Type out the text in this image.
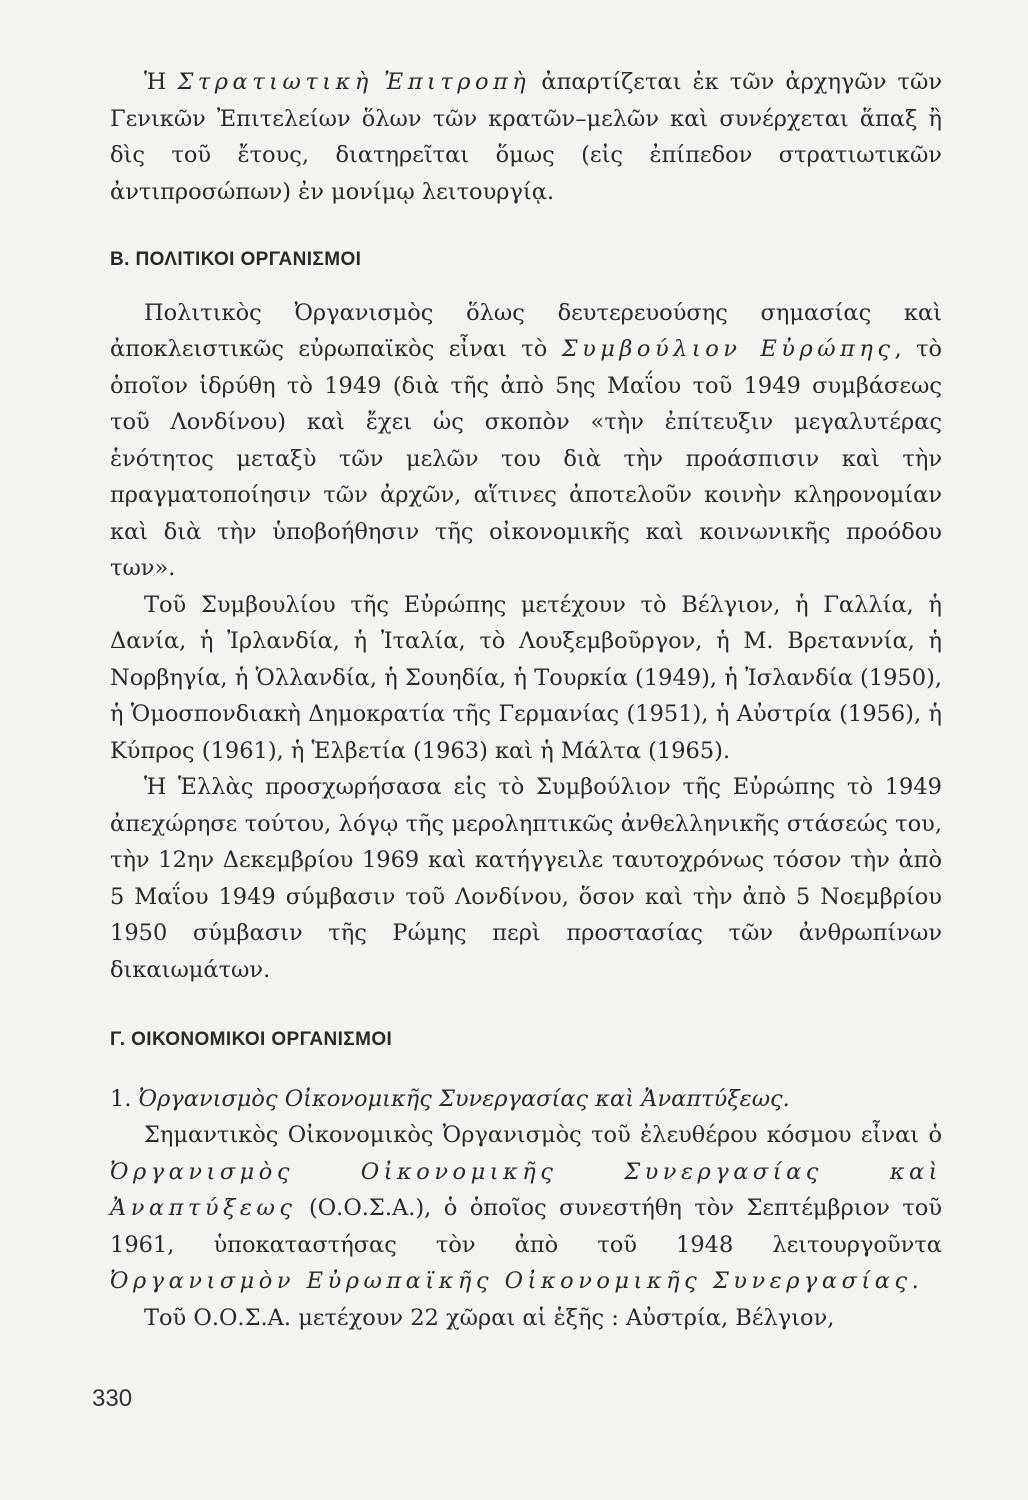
Ἡ Στρατιωτικὴ Ἐπιτροπὴ ἀπαρτίζεται ἐκ τῶν ἀρχηγῶν τῶν Γενικῶν Ἐπιτελείων ὅλων τῶν κρατῶν–μελῶν καὶ συνέρχεται ἅπαξ ἢ δὶς τοῦ ἔτους, διατηρεῖται ὅμως (εἰς ἐπίπεδον στρατιωτικῶν ἀντιπροσώπων) ἐν μονίμῳ λειτουργίᾳ.

Β. ΠΟΛΙΤΙΚΟΙ ΟΡΓΑΝΙΣΜΟΙ

Πολιτικὸς Ὀργανισμὸς ὅλως δευτερευούσης σημασίας καὶ ἀποκλειστικῶς εὐρωπαϊκὸς εἶναι τὸ Συμβούλιον Εὐρώπης, τὸ ὁποῖον ἱδρύθη τὸ 1949 (διὰ τῆς ἀπὸ 5ης Μαΐου τοῦ 1949 συμβάσεως τοῦ Λονδίνου) καὶ ἔχει ὡς σκοπὸν «τὴν ἐπίτευξιν μεγαλυτέρας ἑνότητος μεταξὺ τῶν μελῶν του διὰ τὴν προάσπισιν καὶ τὴν πραγματοποίησιν τῶν ἀρχῶν, αἵτινες ἀποτελοῦν κοινὴν κληρονομίαν καὶ διὰ τὴν ὑποβοήθησιν τῆς οἰκονομικῆς καὶ κοινωνικῆς προόδου των».

Τοῦ Συμβουλίου τῆς Εὐρώπης μετέχουν τὸ Βέλγιον, ἡ Γαλλία, ἡ Δανία, ἡ Ἰρλανδία, ἡ Ἰταλία, τὸ Λουξεμβοῦργον, ἡ Μ. Βρεταννία, ἡ Νορβηγία, ἡ Ὁλλανδία, ἡ Σουηδία, ἡ Τουρκία (1949), ἡ Ἰσλανδία (1950), ἡ Ὁμοσπονδιακὴ Δημοκρατία τῆς Γερμανίας (1951), ἡ Αὐστρία (1956), ἡ Κύπρος (1961), ἡ Ἑλβετία (1963) καὶ ἡ Μάλτα (1965).

Ἡ Ἑλλὰς προσχωρήσασα εἰς τὸ Συμβούλιον τῆς Εὐρώπης τὸ 1949 ἀπεχώρησε τούτου, λόγῳ τῆς μεροληπτικῶς ἀνθελληνικῆς στάσεώς του, τὴν 12ην Δεκεμβρίου 1969 καὶ κατήγγειλε ταυτοχρόνως τόσον τὴν ἀπὸ 5 Μαΐου 1949 σύμβασιν τοῦ Λονδίνου, ὅσον καὶ τὴν ἀπὸ 5 Νοεμβρίου 1950 σύμβασιν τῆς Ρώμης περὶ προστασίας τῶν ἀνθρωπίνων δικαιωμάτων.

Γ. ΟΙΚΟΝΟΜΙΚΟΙ ΟΡΓΑΝΙΣΜΟΙ

1. Ὀργανισμὸς Οἰκονομικῆς Συνεργασίας καὶ Ἀναπτύξεως.

Σημαντικὸς Οἰκονομικὸς Ὀργανισμὸς τοῦ ἐλευθέρου κόσμου εἶναι ὁ Ὀργανισμὸς Οἰκονομικῆς Συνεργασίας καὶ Ἀναπτύξεως (Ο.Ο.Σ.Α.), ὁ ὁποῖος συνεστήθη τὸν Σεπτέμβριον τοῦ 1961, ὑποκαταστήσας τὸν ἀπὸ τοῦ 1948 λειτουργοῦντα Ὀργανισμὸν Εὐρωπαϊκῆς Οἰκονομικῆς Συνεργασίας.

Τοῦ Ο.Ο.Σ.Α. μετέχουν 22 χῶραι αἱ ἑξῆς : Αὐστρία, Βέλγιον,

330
